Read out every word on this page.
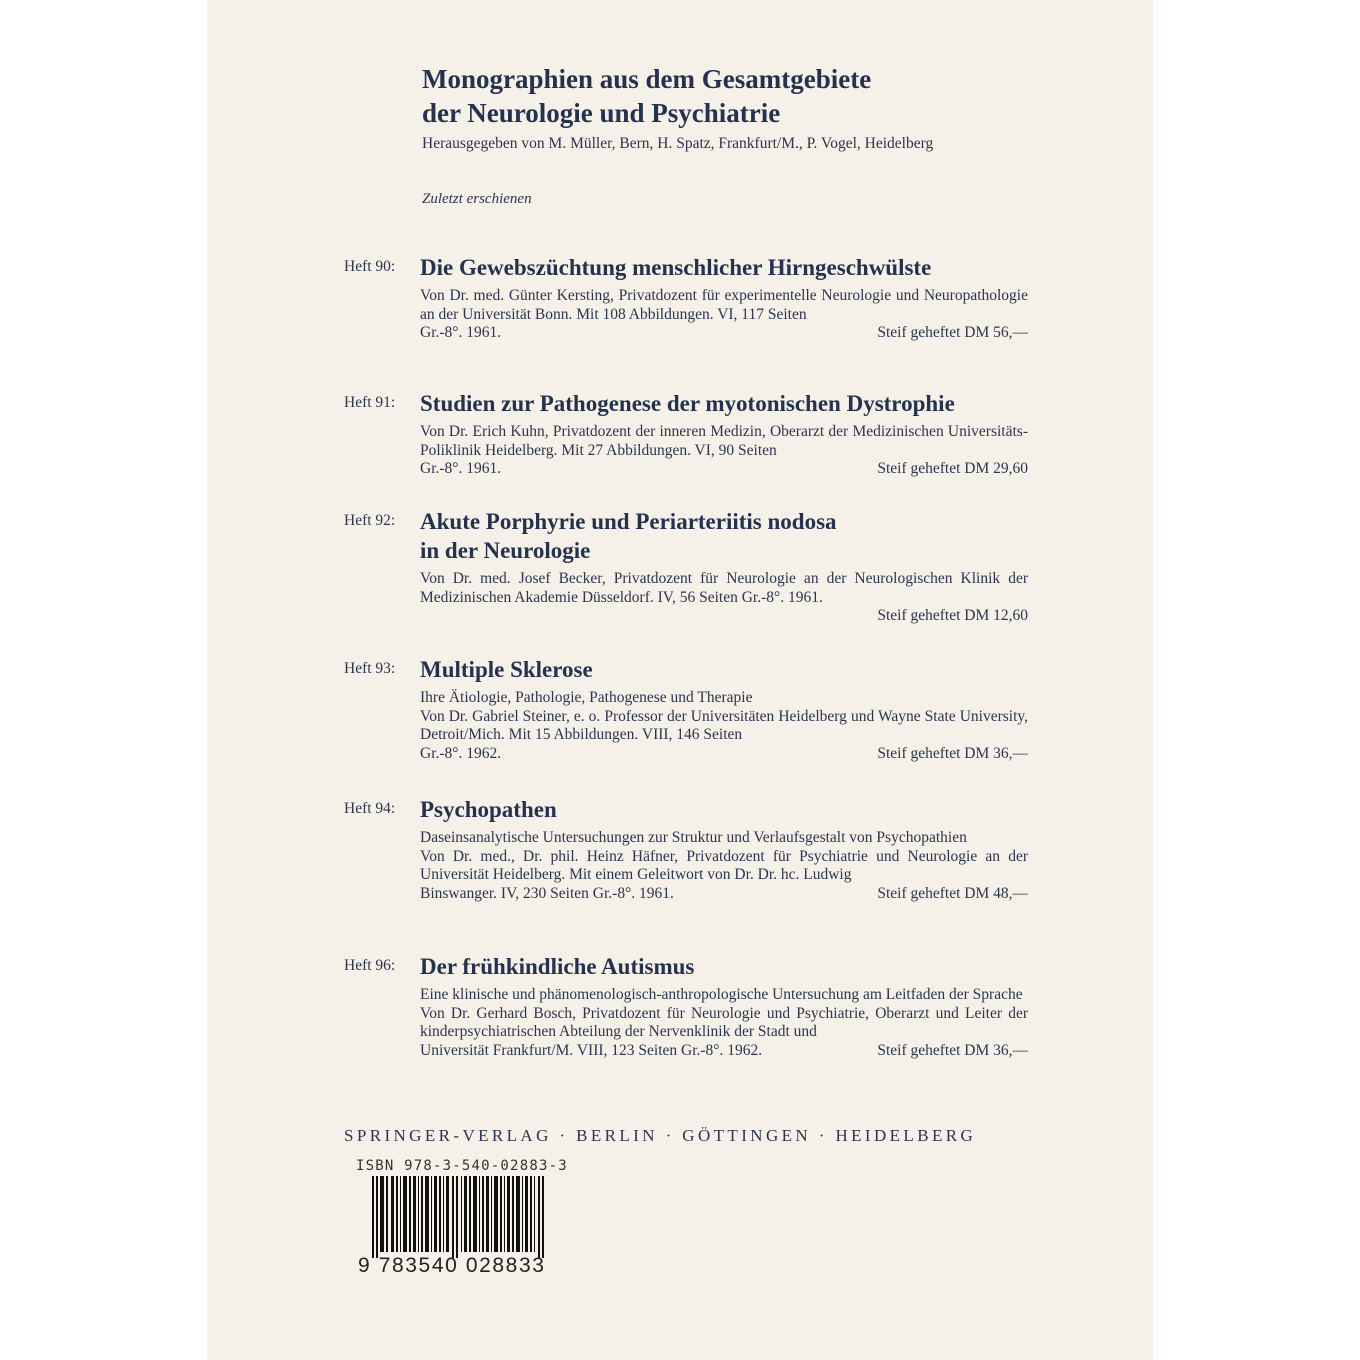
Monographien aus dem Gesamtgebiete
der Neurologie und Psychiatrie
Herausgegeben von M. Müller, Bern, H. Spatz, Frankfurt/M., P. Vogel, Heidelberg
Zuletzt erschienen
Heft 90: Die Gewebszüchtung menschlicher Hirngeschwülste

Von Dr. med. Günter Kersting, Privatdozent für experimentelle Neurologie und Neuropathologie an der Universität Bonn. Mit 108 Abbildungen. VI, 117 Seiten

Gr.-8°. 1961.	Steif geheftet DM 56,—
Heft 91: Studien zur Pathogenese der myotonischen Dystrophie

Von Dr. Erich Kuhn, Privatdozent der inneren Medizin, Oberarzt der Medizinischen Universitäts-Poliklinik Heidelberg. Mit 27 Abbildungen. VI, 90 Seiten

Gr.-8°. 1961.	Steif geheftet DM 29,60
Heft 92: Akute Porphyrie und Periarteriitis nodosa
in der Neurologie

Von Dr. med. Josef Becker, Privatdozent für Neurologie an der Neurologischen Klinik der Medizinischen Akademie Düsseldorf. IV, 56 Seiten Gr.-8°. 1961.

Steif geheftet DM 12,60
Heft 93: Multiple Sklerose

Ihre Ätiologie, Pathologie, Pathogenese und Therapie

Von Dr. Gabriel Steiner, e. o. Professor der Universitäten Heidelberg und Wayne State University, Detroit/Mich. Mit 15 Abbildungen. VIII, 146 Seiten

Gr.-8°. 1962.	Steif geheftet DM 36,—
Heft 94: Psychopathen

Daseinsanalytische Untersuchungen zur Struktur und Verlaufsgestalt von Psychopathien

Von Dr. med., Dr. phil. Heinz Häfner, Privatdozent für Psychiatrie und Neurologie an der Universität Heidelberg. Mit einem Geleitwort von Dr. Dr. hc. Ludwig

Binswanger. IV, 230 Seiten Gr.-8°. 1961.	Steif geheftet DM 48,—
Heft 96: Der frühkindliche Autismus

Eine klinische und phänomenologisch-anthropologische Untersuchung am Leitfaden der Sprache

Von Dr. Gerhard Bosch, Privatdozent für Neurologie und Psychiatrie, Oberarzt und Leiter der kinderpsychiatrischen Abteilung der Nervenklinik der Stadt und

Universität Frankfurt/M. VIII, 123 Seiten Gr.-8°. 1962.	Steif geheftet DM 36,—
SPRINGER-VERLAG · BERLIN · GÖTTINGEN · HEIDELBERG
ISBN 978-3-540-02883-3
9 783540 028833
